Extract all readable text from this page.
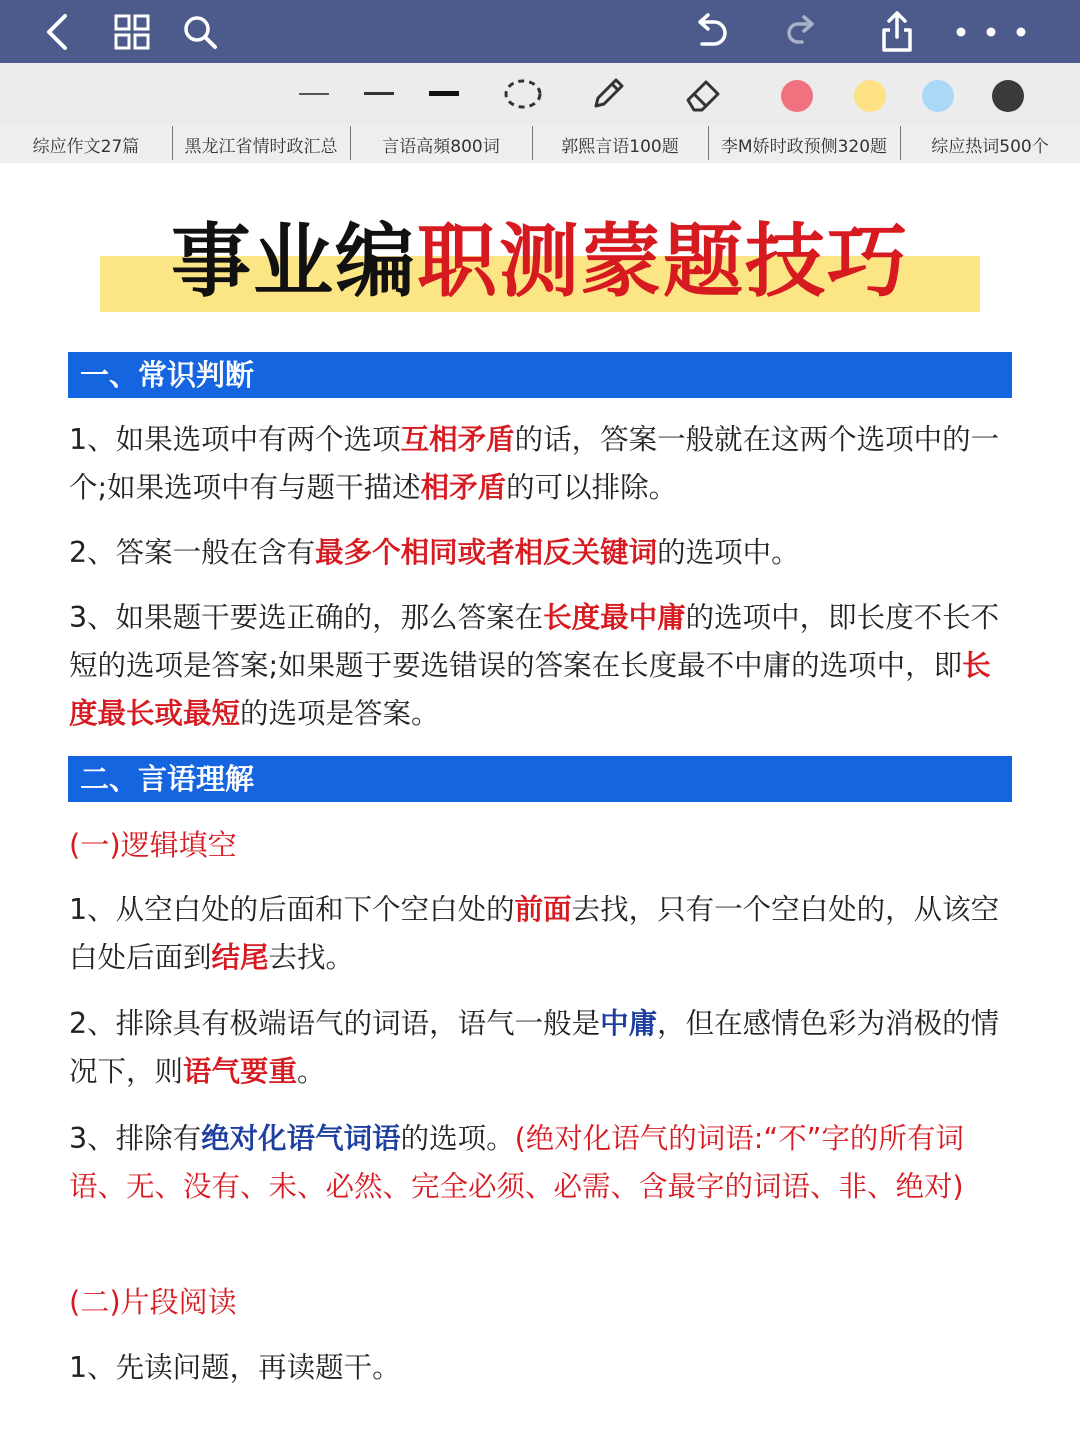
综应作文27篇	黑龙江省情时政汇总	言语高頻800词	郭熙言语100题	李M娇时政预侧320题	综应热词500个
事业编职测蒙题技巧
一、常识判断
1、如果选项中有两个选项互相矛盾的话，答案一般就在这两个选项中的一个;如果选项中有与题干描述相矛盾的可以排除。
2、答案一般在含有最多个相同或者相反关键词的选项中。
3、如果题干要选正确的，那么答案在长度最中庸的选项中，即长度不长不短的选项是答案;如果题于要选错误的答案在长度最不中庸的选项中，即长度最长或最短的选项是答案。
二、言语理解
(一)逻辑填空
1、从空白处的后面和下个空白处的前面去找，只有一个空白处的，从该空白处后面到结尾去找。
2、排除具有极端语气的词语，语气一般是中庸，但在感情色彩为消极的情况下，则语气要重。
3、排除有绝对化语气词语的选项。(绝对化语气的词语:“不”字的所有词语、无、没有、未、必然、完全必须、必需、含最字的词语、非、绝对)
(二)片段阅读
1、先读问题，再读题干。
